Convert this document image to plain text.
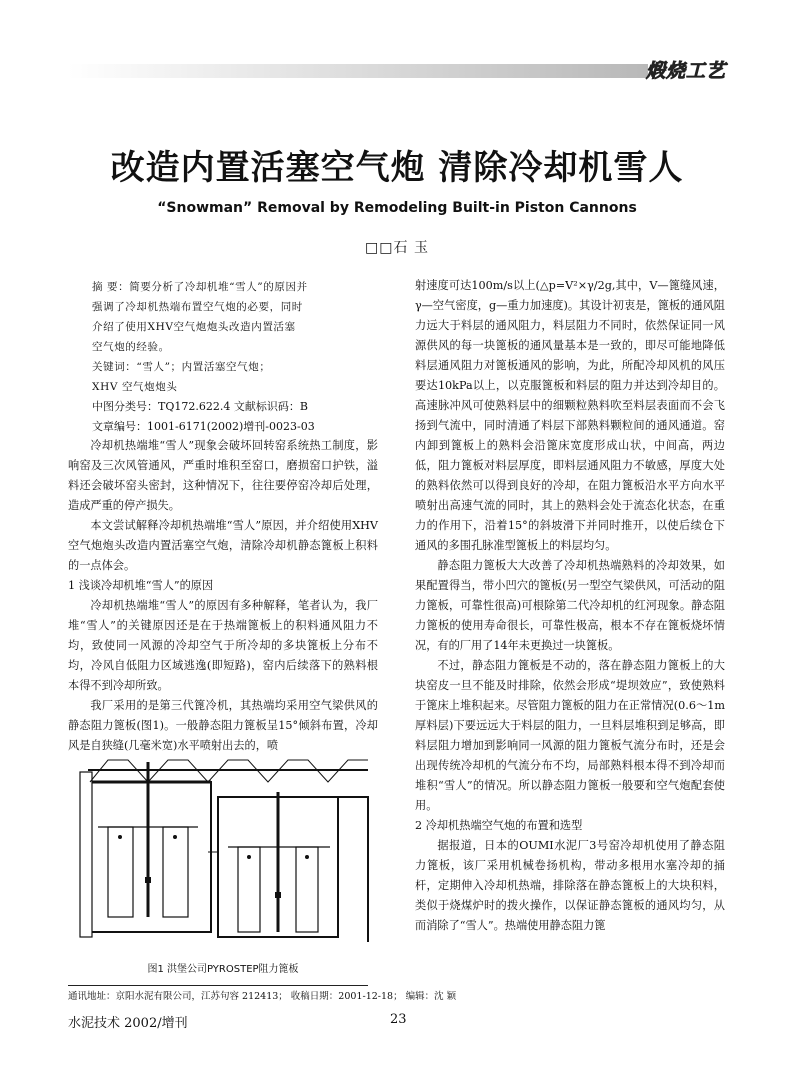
煅烧工艺
改造内置活塞空气炮 清除冷却机雪人
“Snowman” Removal by Remodeling Built-in Piston Cannons
□□石 玉

摘 要：简要分析了冷却机堆“雪人”的原因并

强调了冷却机热端布置空气炮的必要，同时

介绍了使用XHV空气炮炮头改造内置活塞

空气炮的经验。

关键词：“雪人”；内置活塞空气炮；

XHV 空气炮炮头

中图分类号：TQ172.622.4 文献标识码：B
文章编号：1001-6171(2002)增刊-0023-03

冷却机热端堆“雪人”现象会破坏回转窑系统热工制度，影响窑及三次风管通风，严重时堆积至窑口，磨损窑口护铁，溢料还会破坏窑头密封，这种情况下，往往要停窑冷却后处理，造成严重的停产损失。

本文尝试解释冷却机热端堆“雪人”原因，并介绍使用XHV空气炮炮头改造内置活塞空气炮，清除冷却机静态篦板上积料的一点体会。

1 浅谈冷却机堆“雪人”的原因

冷却机热端堆“雪人”的原因有多种解释，笔者认为，我厂堆“雪人”的关键原因还是在于热端篦板上的积料通风阻力不均，致使同一风源的冷却空气于所冷却的多块篦板上分布不均，冷风自低阻力区域逃逸(即短路)，窑内后续落下的熟料根本得不到冷却所致。

我厂采用的是第三代篦冷机，其热端均采用空气梁供风的静态阻力篦板(图1)。一般静态阻力篦板呈15°倾斜布置，冷却风是自狭缝(几毫米宽)水平喷射出去的，喷

图1 洪堡公司PYROSTEP阻力篦板

射速度可达100m/s以上(△p=V²×γ/2g,其中，V—篦缝风速，γ—空气密度，g—重力加速度)。其设计初衷是，篦板的通风阻力远大于料层的通风阻力，料层阻力不同时，依然保证同一风源供风的每一块篦板的通风量基本是一致的，即尽可能地降低料层通风阻力对篦板通风的影响，为此，所配冷却风机的风压要达10kPa以上，以克服篦板和料层的阻力并达到冷却目的。高速脉冲风可使熟料层中的细颗粒熟料吹至料层表面而不会飞扬到气流中，同时清通了料层下部熟料颗粒间的通风通道。窑内卸到篦板上的熟料会沿篦床宽度形成山状，中间高，两边低，阻力篦板对料层厚度，即料层通风阻力不敏感，厚度大处的熟料依然可以得到良好的冷却，在阻力篦板沿水平方向水平喷射出高速气流的同时，其上的熟料会处于流态化状态，在重力的作用下，沿着15°的斜坡滑下并同时推开，以使后续仓下通风的多围孔脉准型篦板上的料层均匀。

静态阻力篦板大大改善了冷却机热端熟料的冷却效果，如果配置得当，带小凹穴的篦板(另一型空气梁供风，可活动的阻力篦板，可靠性很高)可根除第二代冷却机的红河现象。静态阻力篦板的使用寿命很长，可靠性极高，根本不存在篦板烧坏情况，有的厂用了14年未更换过一块篦板。

不过，静态阻力篦板是不动的，落在静态阻力篦板上的大块窑皮一旦不能及时排除，依然会形成“堤坝效应”，致使熟料于篦床上堆积起来。尽管阻力篦板的阻力在正常情况(0.6～1m厚料层)下要远远大于料层的阻力，一旦料层堆积到足够高，即料层阻力增加到影响同一风源的阻力篦板气流分布时，还是会出现传统冷却机的气流分布不均，局部熟料根本得不到冷却而堆积“雪人”的情况。所以静态阻力篦板一般要和空气炮配套使用。

2 冷却机热端空气炮的布置和选型

据报道，日本的OUMI水泥厂3号窑冷却机使用了静态阻力篦板，该厂采用机械卷扬机构，带动多根用水塞冷却的捅杆，定期伸入冷却机热端，排除落在静态篦板上的大块积料，类似于烧煤炉时的拨火操作，以保证静态篦板的通风均匀，从而消除了“雪人”。热端使用静态阻力篦

通讯地址：京阳水泥有限公司，江苏句容 212413； 收稿日期：2001-12-18； 编辑：沈 颖
水泥技术 2002/增刊	23
